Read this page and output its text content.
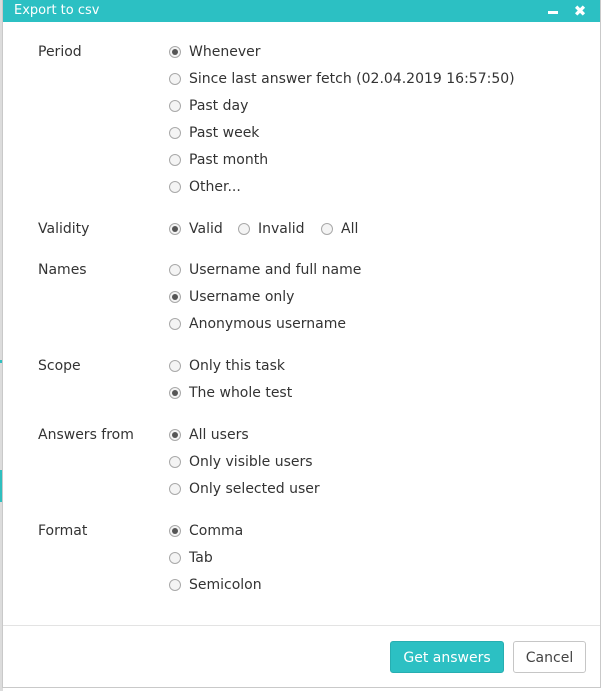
Export to csv	✖
Period	Whenever
Since last answer fetch (02.04.2019 16:57:50)
Past day
Past week
Past month
Other...
Validity	Valid	Invalid	All
Names	Username and full name
Username only
Anonymous username
Scope	Only this task
The whole test
Answers from	All users
Only visible users
Only selected user
Format	Comma
Tab
Semicolon
Get answers	Cancel
